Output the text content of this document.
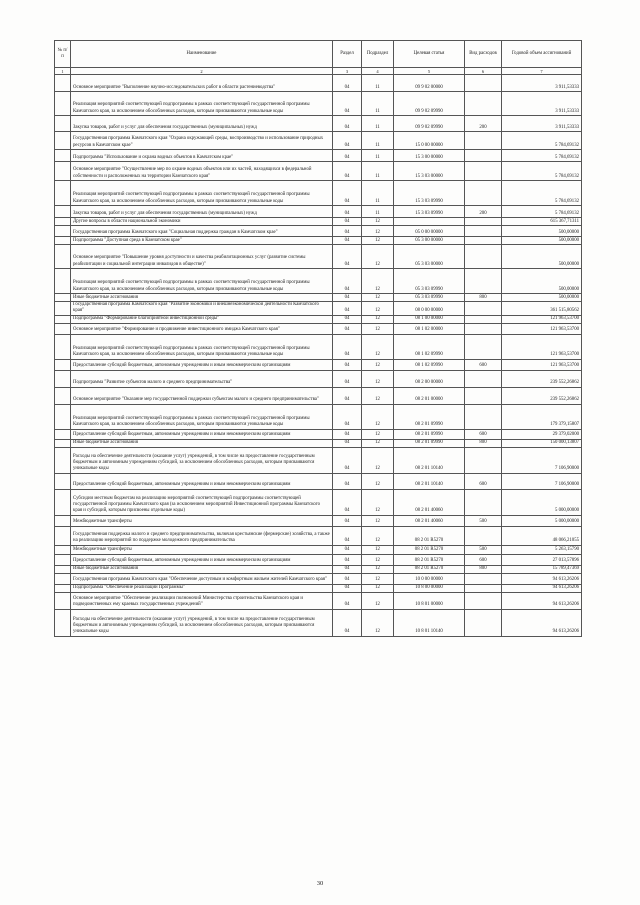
№ п/п	Наименование	Раздел	Подраздел	Целевая статья	Вид расходов	Годовой объем ассигнований
1	2	3	4	5	6	7
	Основное мероприятие "Выполнение научно-исследовательских работ в области растениеводства"	04	11	09 9 02 00000		3 911,53333
	Реализация мероприятий соответствующей подпрограммы в рамках соответствующей государственной программы Камчатского края, за исключением обособленных расходов, которым присваиваются уникальные коды	04	11	09 9 02 09990		3 911,53333
	Закупка товаров, работ и услуг для обеспечения государственных (муниципальных) нужд	04	11	09 9 02 09990	200	3 911,53333
	Государственная программа Камчатского края "Охрана окружающей среды, воспроизводство и использование природных ресурсов в Камчатском крае"	04	11	15 0 00 00000		5 784,69132
	Подпрограмма "Использование и охрана водных объектов в Камчатском крае"	04	11	15 3 00 00000		5 784,69132
	Основное мероприятие "Осуществление мер по охране водных объектов или их частей, находящихся в федеральной собственности и расположенных на территории Камчатского края"	04	11	15 3 03 00000		5 784,69132
	Реализация мероприятий соответствующей подпрограммы в рамках соответствующей государственной программы Камчатского края, за исключением обособленных расходов, которым присваиваются уникальные коды	04	11	15 3 03 09990		5 784,69132
	Закупка товаров, работ и услуг для обеспечения государственных (муниципальных) нужд	04	11	15 3 03 09990	200	5 784,69132
	Другие вопросы в области национальной экономики	04	12			615 367,71311
	Государственная программа Камчатского края "Социальная поддержка граждан в Камчатском крае"	04	12	05 0 00 00000		500,00000
	Подпрограмма "Доступная среда в Камчатском крае"	04	12	05 3 00 00000		500,00000
	Основное мероприятие "Повышение уровня доступности и качества реабилитационных услуг (развитие системы реабилитации и социальной интеграции инвалидов в обществе)"	04	12	05 3 03 00000		500,00000
	Реализация мероприятий соответствующей подпрограммы в рамках соответствующей государственной программы Камчатского края, за исключением обособленных расходов, которым присваиваются уникальные коды	04	12	05 3 03 09990		500,00000
	Иные бюджетные ассигнования	04	12	05 3 03 09990	800	500,00000
	Государственная программа Камчатского края "Развитие экономики и внешнеэкономической деятельности Камчатского края"	04	12	08 0 00 00000		361 515,80562
	Подпрограмма "Формирование благоприятной инвестиционной среды"	04	12	08 1 00 00000		121 963,53700
	Основное мероприятие "Формирование и продвижение инвестиционного имиджа Камчатского края"	04	12	08 1 02 00000		121 963,53700
	Реализация мероприятий соответствующей подпрограммы в рамках соответствующей государственной программы Камчатского края, за исключением обособленных расходов, которым присваиваются уникальные коды	04	12	08 1 02 09990		121 963,53700
	Предоставление субсидий бюджетным, автономным учреждениям и иным некоммерческим организациям	04	12	08 1 02 09990	600	121 963,53700
	Подпрограмма "Развитие субъектов малого и среднего предпринимательства"	04	12	08 2 00 00000		239 552,26862
	Основное мероприятие "Оказание мер государственной поддержки субъектам малого и среднего предпринимательства"	04	12	08 2 01 00000		239 552,26862
	Реализация мероприятий соответствующей подпрограммы в рамках соответствующей государственной программы Камчатского края, за исключением обособленных расходов, которым присваиваются уникальные коды	04	12	08 2 01 09990		179 379,15807
	Предоставление субсидий бюджетным, автономным учреждениям и иным некоммерческим организациям	04	12	08 2 01 09990	600	29 379,02000
	Иные бюджетные ассигнования	04	12	08 2 01 09990	800	150 000,13807
	Расходы на обеспечение деятельности (оказание услуг) учреждений, в том числе на предоставление государственным бюджетным и автономным учреждениям субсидий, за исключением обособленных расходов, которым присваиваются уникальные коды	04	12	08 2 01 10140		7 106,90000
	Предоставление субсидий бюджетным, автономным учреждениям и иным некоммерческим организациям	04	12	08 2 01 10140	600	7 106,90000
	Субсидии местным бюджетам на реализацию мероприятий соответствующей подпрограммы соответствующей государственной программы Камчатского края (за исключением мероприятий Инвестиционной программы Камчатского края и субсидий, которым присвоены отдельные коды)	04	12	08 2 01 40060		5 000,00000
	Межбюджетные трансферты	04	12	08 2 01 40060	500	5 000,00000
	Государственная поддержка малого и среднего предпринимательства, включая крестьянские (фермерские) хозяйства, а также на реализацию мероприятий по поддержке молодежного предпринимательства	04	12	08 2 01 R5270		48 066,21055
	Межбюджетные трансферты	04	12	08 2 01 R5270	500	5 263,15790
	Предоставление субсидий бюджетным, автономным учреждениям и иным некоммерческим организациям	04	12	08 2 01 R5270	600	27 013,57896
	Иные бюджетные ассигнования	04	12	08 2 01 R5270	800	15 789,47369
	Государственная программа Камчатского края "Обеспечение доступным и комфортным жильем жителей Камчатского края"	04	12	10 0 00 00000		94 613,26206
	Подпрограмма "Обеспечение реализации Программы"	04	12	10 8 00 00000		94 613,26206
	Основное мероприятие "Обеспечение реализации полномочий Министерства строительства Камчатского края и подведомственных ему краевых государственных учреждений"	04	12	10 8 01 00000		94 613,26206
	Расходы на обеспечение деятельности (оказание услуг) учреждений, в том числе на предоставление государственным бюджетным и автономным учреждениям субсидий, за исключением обособленных расходов, которым присваиваются уникальные коды	04	12	10 8 01 10140		94 613,26206
30
